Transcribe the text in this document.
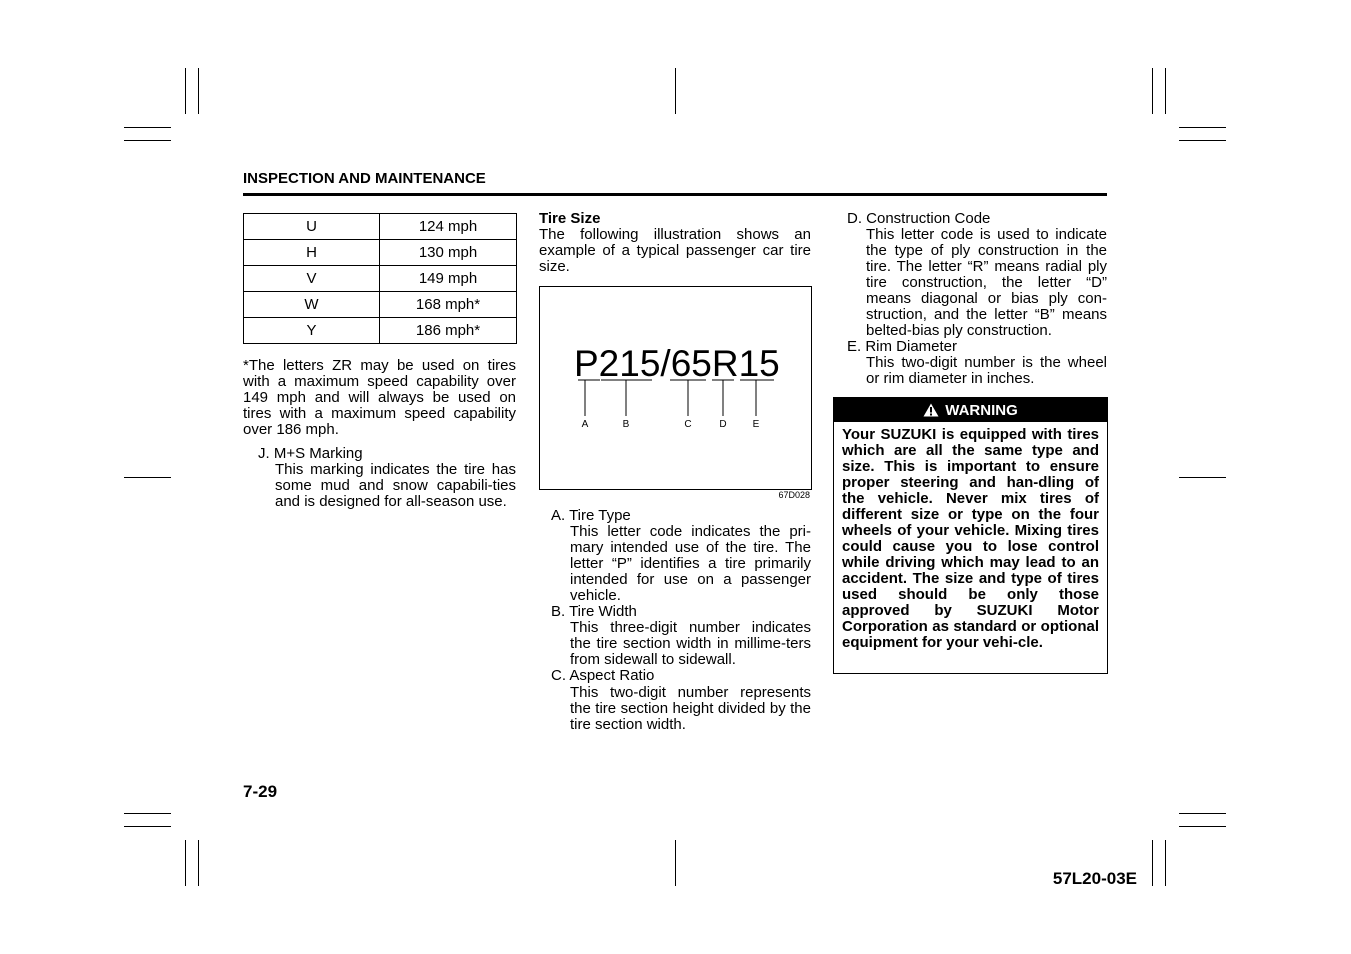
INSPECTION AND MAINTENANCE
U	124 mph
H	130 mph
V	149 mph
W	168 mph*
Y	186 mph*
*The letters ZR may be used on tires with a maximum speed capability over 149 mph and will always be used on tires with a maximum speed capability over 186 mph.
J. M+S Marking
This marking indicates the tire has some mud and snow capabili-ties and is designed for all-season use.
Tire Size
The following illustration shows an example of a typical passenger car tire size.
P215/65R15
A	B	C	D	E
67D028
A. Tire Type
This letter code indicates the pri-mary intended use of the tire. The letter “P” identifies a tire primarily intended for use on a passenger vehicle.
B. Tire Width
This three-digit number indicates the tire section width in millime-ters from sidewall to sidewall.
C. Aspect Ratio
This two-digit number represents the tire section height divided by the tire section width.
D. Construction Code
This letter code is used to indicate the type of ply construction in the tire. The letter “R” means radial ply tire construction, the letter “D” means diagonal or bias ply con-struction, and the letter “B” means belted-bias ply construction.
E. Rim Diameter
This two-digit number is the wheel or rim diameter in inches.
WARNING
Your SUZUKI is equipped with tires which are all the same type and size. This is important to ensure proper steering and han-dling of the vehicle. Never mix tires of different size or type on the four wheels of your vehicle. Mixing tires could cause you to lose control while driving which may lead to an accident. The size and type of tires used should be only those approved by SUZUKI Motor Corporation as standard or optional equipment for your vehi-cle.
7-29
57L20-03E
